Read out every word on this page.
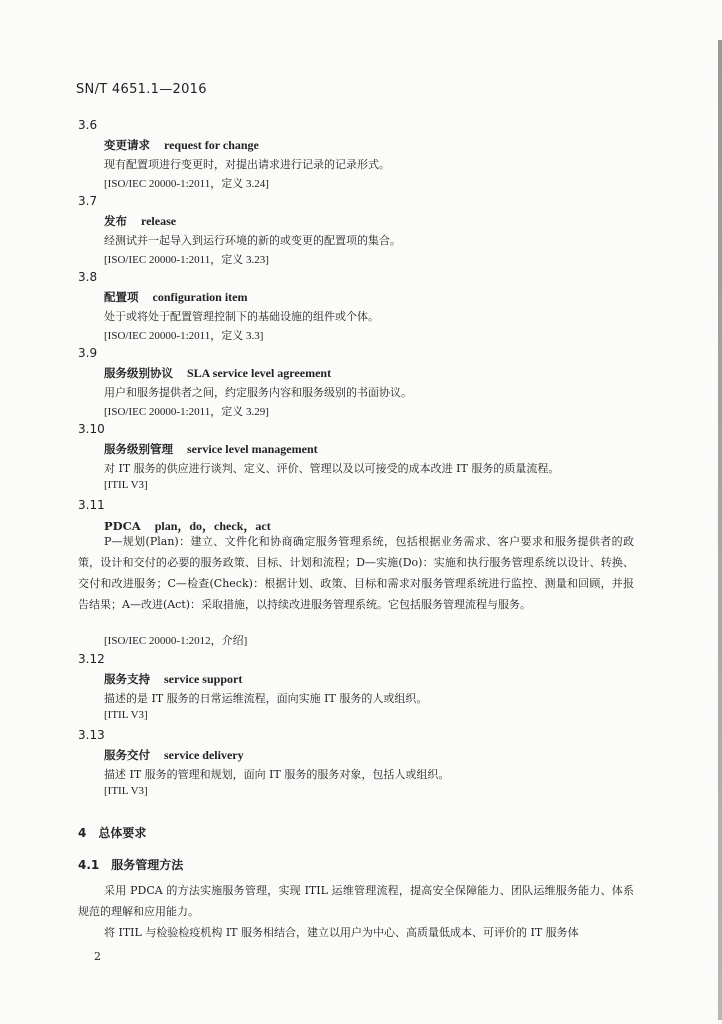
SN/T 4651.1—2016
3.6
变更请求 request for change
现有配置项进行变更时，对提出请求进行记录的记录形式。
[ISO/IEC 20000-1:2011，定义 3.24]
3.7
发布 release
经测试并一起导入到运行环境的新的或变更的配置项的集合。
[ISO/IEC 20000-1:2011，定义 3.23]
3.8
配置项 configuration item
处于或将处于配置管理控制下的基础设施的组件或个体。
[ISO/IEC 20000-1:2011，定义 3.3]
3.9
服务级别协议 SLA service level agreement
用户和服务提供者之间，约定服务内容和服务级别的书面协议。
[ISO/IEC 20000-1:2011，定义 3.29]
3.10
服务级别管理 service level management
对 IT 服务的供应进行谈判、定义、评价、管理以及以可接受的成本改进 IT 服务的质量流程。
[ITIL V3]
3.11
PDCA plan，do，check，act
P—规划(Plan)：建立、文件化和协商确定服务管理系统，包括根据业务需求、客户要求和服务提供者的政策，设计和交付的必要的服务政策、目标、计划和流程；D—实施(Do)：实施和执行服务管理系统以设计、转换、交付和改进服务；C—检查(Check)：根据计划、政策、目标和需求对服务管理系统进行监控、测量和回顾，并报告结果；A—改进(Act)：采取措施，以持续改进服务管理系统。它包括服务管理流程与服务。
[ISO/IEC 20000-1:2012，介绍]
3.12
服务支持 service support
描述的是 IT 服务的日常运维流程，面向实施 IT 服务的人或组织。
[ITIL V3]
3.13
服务交付 service delivery
描述 IT 服务的管理和规划，面向 IT 服务的服务对象，包括人或组织。
[ITIL V3]
4 总体要求
4.1 服务管理方法
采用 PDCA 的方法实施服务管理，实现 ITIL 运维管理流程，提高安全保障能力、团队运维服务能力、体系规范的理解和应用能力。
将 ITIL 与检验检疫机构 IT 服务相结合，建立以用户为中心、高质量低成本、可评价的 IT 服务体
2
